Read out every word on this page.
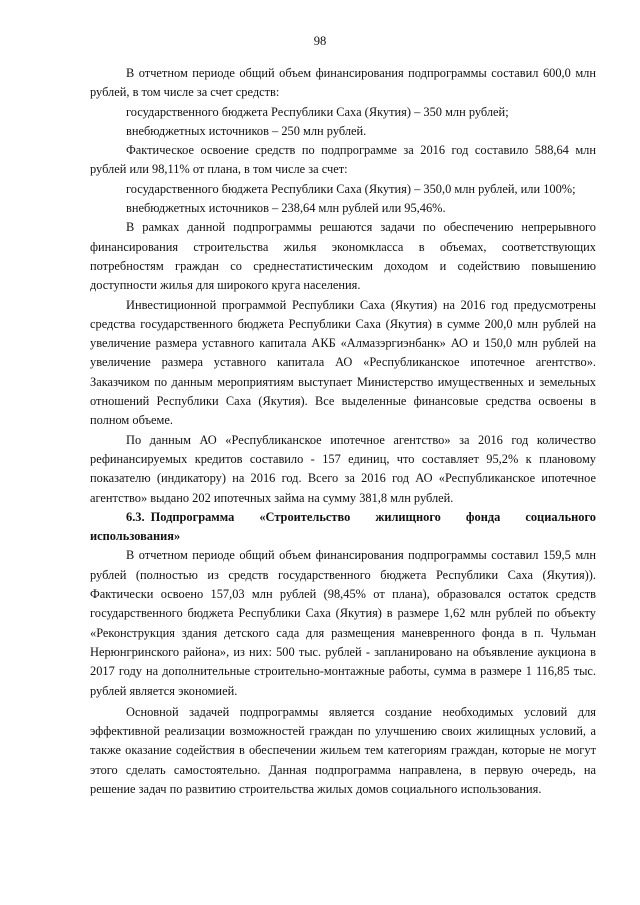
98

В отчетном периоде общий объем финансирования подпрограммы составил 600,0 млн рублей, в том числе за счет средств:

государственного бюджета Республики Саха (Якутия) – 350 млн рублей;

внебюджетных источников – 250 млн рублей.

Фактическое освоение средств по подпрограмме за 2016 год составило 588,64 млн рублей или 98,11% от плана, в том числе за счет:

государственного бюджета Республики Саха (Якутия) – 350,0 млн рублей, или 100%;

внебюджетных источников – 238,64 млн рублей или 95,46%.

В рамках данной подпрограммы решаются задачи по обеспечению непрерывного финансирования строительства жилья экономкласса в объемах, соответствующих потребностям граждан со среднестатистическим доходом и содействию повышению доступности жилья для широкого круга населения.

Инвестиционной программой Республики Саха (Якутия) на 2016 год предусмотрены средства государственного бюджета Республики Саха (Якутия) в сумме 200,0 млн рублей на увеличение размера уставного капитала АКБ «Алмазэргиэнбанк» АО и 150,0 млн рублей на увеличение размера уставного капитала АО «Республиканское ипотечное агентство». Заказчиком по данным мероприятиям выступает Министерство имущественных и земельных отношений Республики Саха (Якутия). Все выделенные финансовые средства освоены в полном объеме.

По данным АО «Республиканское ипотечное агентство» за 2016 год количество рефинансируемых кредитов составило - 157 единиц, что составляет 95,2% к плановому показателю (индикатору) на 2016 год. Всего за 2016 год АО «Республиканское ипотечное агентство» выдано 202 ипотечных займа на сумму 381,8 млн рублей.

6.3. Подпрограмма «Строительство жилищного фонда социального использования»

В отчетном периоде общий объем финансирования подпрограммы составил 159,5 млн рублей (полностью из средств государственного бюджета Республики Саха (Якутия)). Фактически освоено 157,03 млн рублей (98,45% от плана), образовался остаток средств государственного бюджета Республики Саха (Якутия) в размере 1,62 млн рублей по объекту «Реконструкция здания детского сада для размещения маневренного фонда в п. Чульман Нерюнгринского района», из них: 500 тыс. рублей - запланировано на объявление аукциона в 2017 году на дополнительные строительно-монтажные работы, сумма в размере 1 116,85 тыс. рублей является экономией.

Основной задачей подпрограммы является создание необходимых условий для эффективной реализации возможностей граждан по улучшению своих жилищных условий, а также оказание содействия в обеспечении жильем тем категориям граждан, которые не могут этого сделать самостоятельно. Данная подпрограмма направлена, в первую очередь, на решение задач по развитию строительства жилых домов социального использования.
